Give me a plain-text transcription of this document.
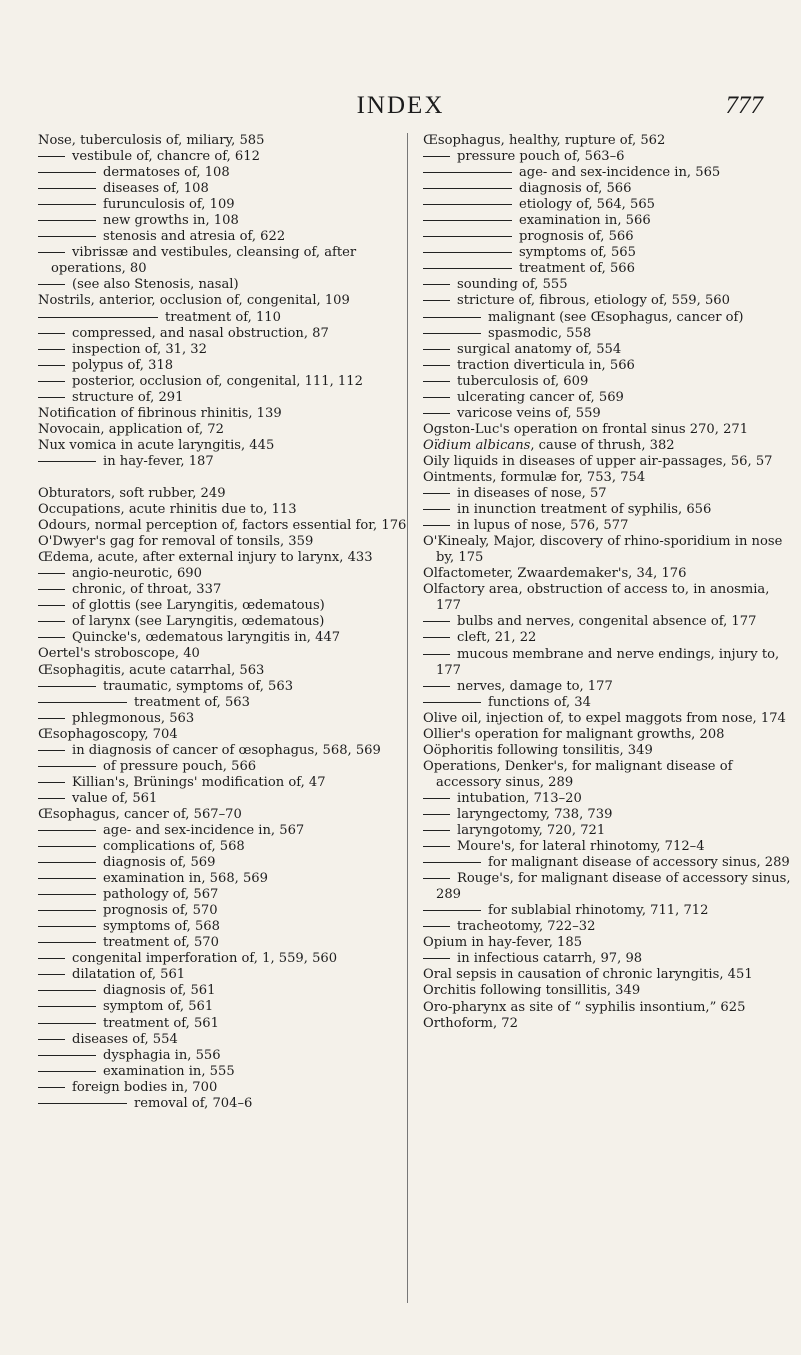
INDEX	777
Nose, tuberculosis of, miliary, 585
vestibule of, chancre of, 612
dermatoses of, 108
diseases of, 108
furunculosis of, 109
new growths in, 108
stenosis and atresia of, 622
vibrissæ and vestibules, cleansing of, after operations, 80
(see also Stenosis, nasal)
Nostrils, anterior, occlusion of, congenital, 109
treatment of, 110
compressed, and nasal obstruction, 87
inspection of, 31, 32
polypus of, 318
posterior, occlusion of, congenital, 111, 112
structure of, 291
Notification of fibrinous rhinitis, 139
Novocain, application of, 72
Nux vomica in acute laryngitis, 445
in hay-fever, 187
Obturators, soft rubber, 249
Occupations, acute rhinitis due to, 113
Odours, normal perception of, factors essential for, 176
O'Dwyer's gag for removal of tonsils, 359
Œdema, acute, after external injury to larynx, 433
angio-neurotic, 690
chronic, of throat, 337
of glottis (see Laryngitis, œdematous)
of larynx (see Laryngitis, œdematous)
Quincke's, œdematous laryngitis in, 447
Oertel's stroboscope, 40
Œsophagitis, acute catarrhal, 563
traumatic, symptoms of, 563
treatment of, 563
phlegmonous, 563
Œsophagoscopy, 704
in diagnosis of cancer of œsophagus, 568, 569
of pressure pouch, 566
Killian's, Brünings' modification of, 47
value of, 561
Œsophagus, cancer of, 567–70
age- and sex-incidence in, 567
complications of, 568
diagnosis of, 569
examination in, 568, 569
pathology of, 567
prognosis of, 570
symptoms of, 568
treatment of, 570
congenital imperforation of, 1, 559, 560
dilatation of, 561
diagnosis of, 561
symptom of, 561
treatment of, 561
diseases of, 554
dysphagia in, 556
examination in, 555
foreign bodies in, 700
removal of, 704–6
Œsophagus, healthy, rupture of, 562
pressure pouch of, 563–6
age- and sex-incidence in, 565
diagnosis of, 566
etiology of, 564, 565
examination in, 566
prognosis of, 566
symptoms of, 565
treatment of, 566
sounding of, 555
stricture of, fibrous, etiology of, 559, 560
malignant (see Œsophagus, cancer of)
spasmodic, 558
surgical anatomy of, 554
traction diverticula in, 566
tuberculosis of, 609
ulcerating cancer of, 569
varicose veins of, 559
Ogston-Luc's operation on frontal sinus 270, 271
Oïdium albicans, cause of thrush, 382
Oily liquids in diseases of upper air-passages, 56, 57
Ointments, formulæ for, 753, 754
in diseases of nose, 57
in inunction treatment of syphilis, 656
in lupus of nose, 576, 577
O'Kinealy, Major, discovery of rhino-sporidium in nose by, 175
Olfactometer, Zwaardemaker's, 34, 176
Olfactory area, obstruction of access to, in anosmia, 177
bulbs and nerves, congenital absence of, 177
cleft, 21, 22
mucous membrane and nerve endings, injury to, 177
nerves, damage to, 177
functions of, 34
Olive oil, injection of, to expel maggots from nose, 174
Ollier's operation for malignant growths, 208
Oöphoritis following tonsilitis, 349
Operations, Denker's, for malignant disease of accessory sinus, 289
intubation, 713–20
laryngectomy, 738, 739
laryngotomy, 720, 721
Moure's, for lateral rhinotomy, 712–4
for malignant disease of accessory sinus, 289
Rouge's, for malignant disease of accessory sinus, 289
for sublabial rhinotomy, 711, 712
tracheotomy, 722–32
Opium in hay-fever, 185
in infectious catarrh, 97, 98
Oral sepsis in causation of chronic laryngitis, 451
Orchitis following tonsillitis, 349
Oro-pharynx as site of “ syphilis insontium,” 625
Orthoform, 72
